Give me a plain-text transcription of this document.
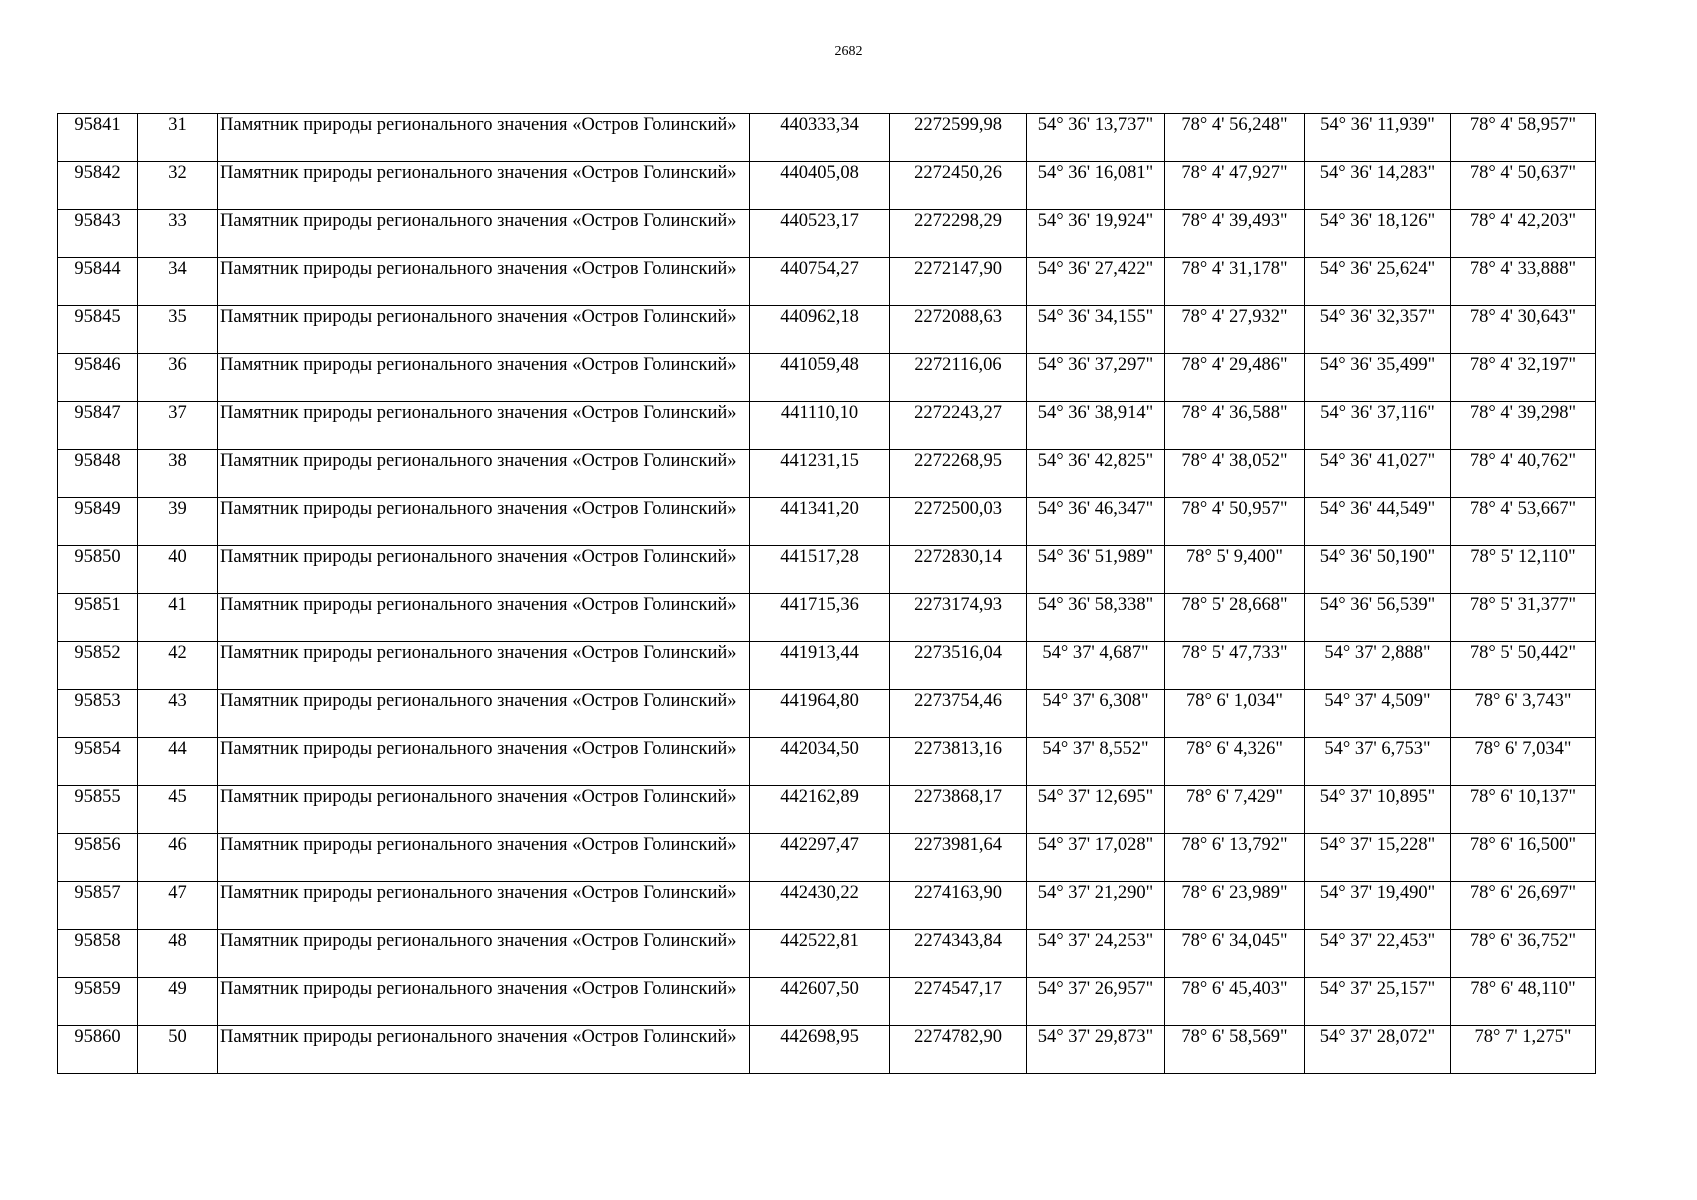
2682
95841	31	Памятник природы регионального значения «Остров Голинский»	440333,34	2272599,98	54° 36' 13,737"	78° 4' 56,248"	54° 36' 11,939"	78° 4' 58,957"
95842	32	Памятник природы регионального значения «Остров Голинский»	440405,08	2272450,26	54° 36' 16,081"	78° 4' 47,927"	54° 36' 14,283"	78° 4' 50,637"
95843	33	Памятник природы регионального значения «Остров Голинский»	440523,17	2272298,29	54° 36' 19,924"	78° 4' 39,493"	54° 36' 18,126"	78° 4' 42,203"
95844	34	Памятник природы регионального значения «Остров Голинский»	440754,27	2272147,90	54° 36' 27,422"	78° 4' 31,178"	54° 36' 25,624"	78° 4' 33,888"
95845	35	Памятник природы регионального значения «Остров Голинский»	440962,18	2272088,63	54° 36' 34,155"	78° 4' 27,932"	54° 36' 32,357"	78° 4' 30,643"
95846	36	Памятник природы регионального значения «Остров Голинский»	441059,48	2272116,06	54° 36' 37,297"	78° 4' 29,486"	54° 36' 35,499"	78° 4' 32,197"
95847	37	Памятник природы регионального значения «Остров Голинский»	441110,10	2272243,27	54° 36' 38,914"	78° 4' 36,588"	54° 36' 37,116"	78° 4' 39,298"
95848	38	Памятник природы регионального значения «Остров Голинский»	441231,15	2272268,95	54° 36' 42,825"	78° 4' 38,052"	54° 36' 41,027"	78° 4' 40,762"
95849	39	Памятник природы регионального значения «Остров Голинский»	441341,20	2272500,03	54° 36' 46,347"	78° 4' 50,957"	54° 36' 44,549"	78° 4' 53,667"
95850	40	Памятник природы регионального значения «Остров Голинский»	441517,28	2272830,14	54° 36' 51,989"	78° 5' 9,400"	54° 36' 50,190"	78° 5' 12,110"
95851	41	Памятник природы регионального значения «Остров Голинский»	441715,36	2273174,93	54° 36' 58,338"	78° 5' 28,668"	54° 36' 56,539"	78° 5' 31,377"
95852	42	Памятник природы регионального значения «Остров Голинский»	441913,44	2273516,04	54° 37' 4,687"	78° 5' 47,733"	54° 37' 2,888"	78° 5' 50,442"
95853	43	Памятник природы регионального значения «Остров Голинский»	441964,80	2273754,46	54° 37' 6,308"	78° 6' 1,034"	54° 37' 4,509"	78° 6' 3,743"
95854	44	Памятник природы регионального значения «Остров Голинский»	442034,50	2273813,16	54° 37' 8,552"	78° 6' 4,326"	54° 37' 6,753"	78° 6' 7,034"
95855	45	Памятник природы регионального значения «Остров Голинский»	442162,89	2273868,17	54° 37' 12,695"	78° 6' 7,429"	54° 37' 10,895"	78° 6' 10,137"
95856	46	Памятник природы регионального значения «Остров Голинский»	442297,47	2273981,64	54° 37' 17,028"	78° 6' 13,792"	54° 37' 15,228"	78° 6' 16,500"
95857	47	Памятник природы регионального значения «Остров Голинский»	442430,22	2274163,90	54° 37' 21,290"	78° 6' 23,989"	54° 37' 19,490"	78° 6' 26,697"
95858	48	Памятник природы регионального значения «Остров Голинский»	442522,81	2274343,84	54° 37' 24,253"	78° 6' 34,045"	54° 37' 22,453"	78° 6' 36,752"
95859	49	Памятник природы регионального значения «Остров Голинский»	442607,50	2274547,17	54° 37' 26,957"	78° 6' 45,403"	54° 37' 25,157"	78° 6' 48,110"
95860	50	Памятник природы регионального значения «Остров Голинский»	442698,95	2274782,90	54° 37' 29,873"	78° 6' 58,569"	54° 37' 28,072"	78° 7' 1,275"
